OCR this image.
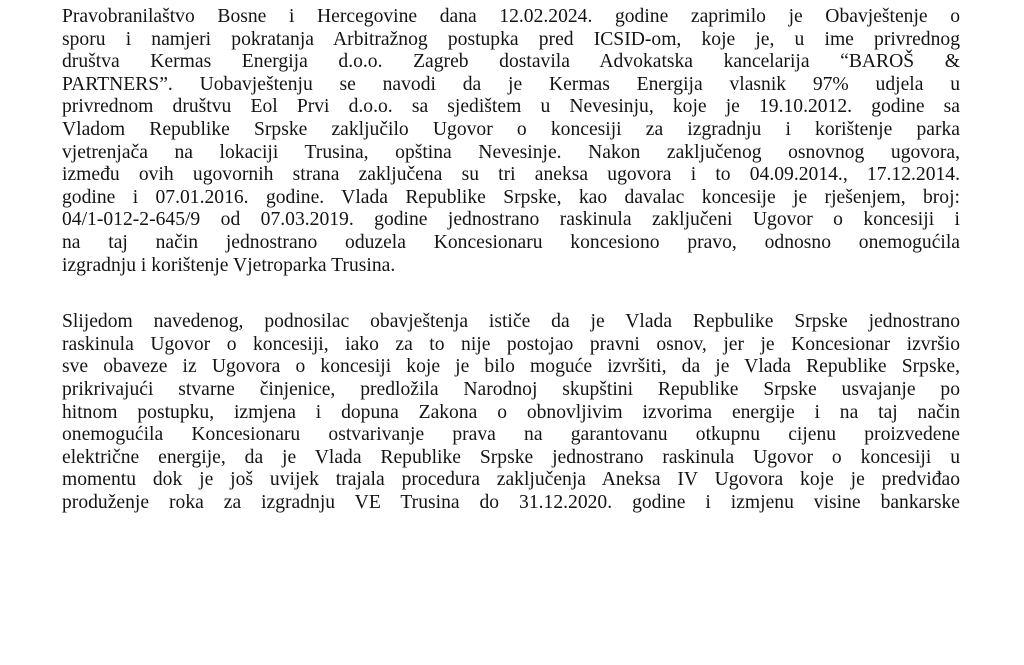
Pravobranilaštvo Bosne i Hercegovine dana 12.02.2024. godine zaprimilo je Obavještenje o
sporu i namjeri pokratanja Arbitražnog postupka pred ICSID-om, koje je, u ime privrednog
društva Kermas Energija d.o.o. Zagreb dostavila Advokatska kancelarija “BAROŠ &
PARTNERS”. Uobavještenju se navodi da je Kermas Energija vlasnik 97% udjela u
privrednom društvu Eol Prvi d.o.o. sa sjedištem u Nevesinju, koje je 19.10.2012. godine sa
Vladom Republike Srpske zaključilo Ugovor o koncesiji za izgradnju i korištenje parka
vjetrenjača na lokaciji Trusina, opština Nevesinje. Nakon zaključenog osnovnog ugovora,
između ovih ugovornih strana zaključena su tri aneksa ugovora i to 04.09.2014., 17.12.2014.
godine i 07.01.2016. godine. Vlada Republike Srpske, kao davalac koncesije je rješenjem, broj:
04/1-012-2-645/9 od 07.03.2019. godine jednostrano raskinula zaključeni Ugovor o koncesiji i
na taj način jednostrano oduzela Koncesionaru koncesiono pravo, odnosno onemogućila
izgradnju i korištenje Vjetroparka Trusina.
Slijedom navedenog, podnosilac obavještenja ističe da je Vlada Repbulike Srpske jednostrano
raskinula Ugovor o koncesiji, iako za to nije postojao pravni osnov, jer je Koncesionar izvršio
sve obaveze iz Ugovora o koncesiji koje je bilo moguće izvršiti, da je Vlada Republike Srpske,
prikrivajući stvarne činjenice, predložila Narodnoj skupštini Republike Srpske usvajanje po
hitnom postupku, izmjena i dopuna Zakona o obnovljivim izvorima energije i na taj način
onemogućila Koncesionaru ostvarivanje prava na garantovanu otkupnu cijenu proizvedene
električne energije, da je Vlada Republike Srpske jednostrano raskinula Ugovor o koncesiji u
momentu dok je još uvijek trajala procedura zaključenja Aneksa IV Ugovora koje je predviđao
produženje roka za izgradnju VE Trusina do 31.12.2020. godine i izmjenu visine bankarske
